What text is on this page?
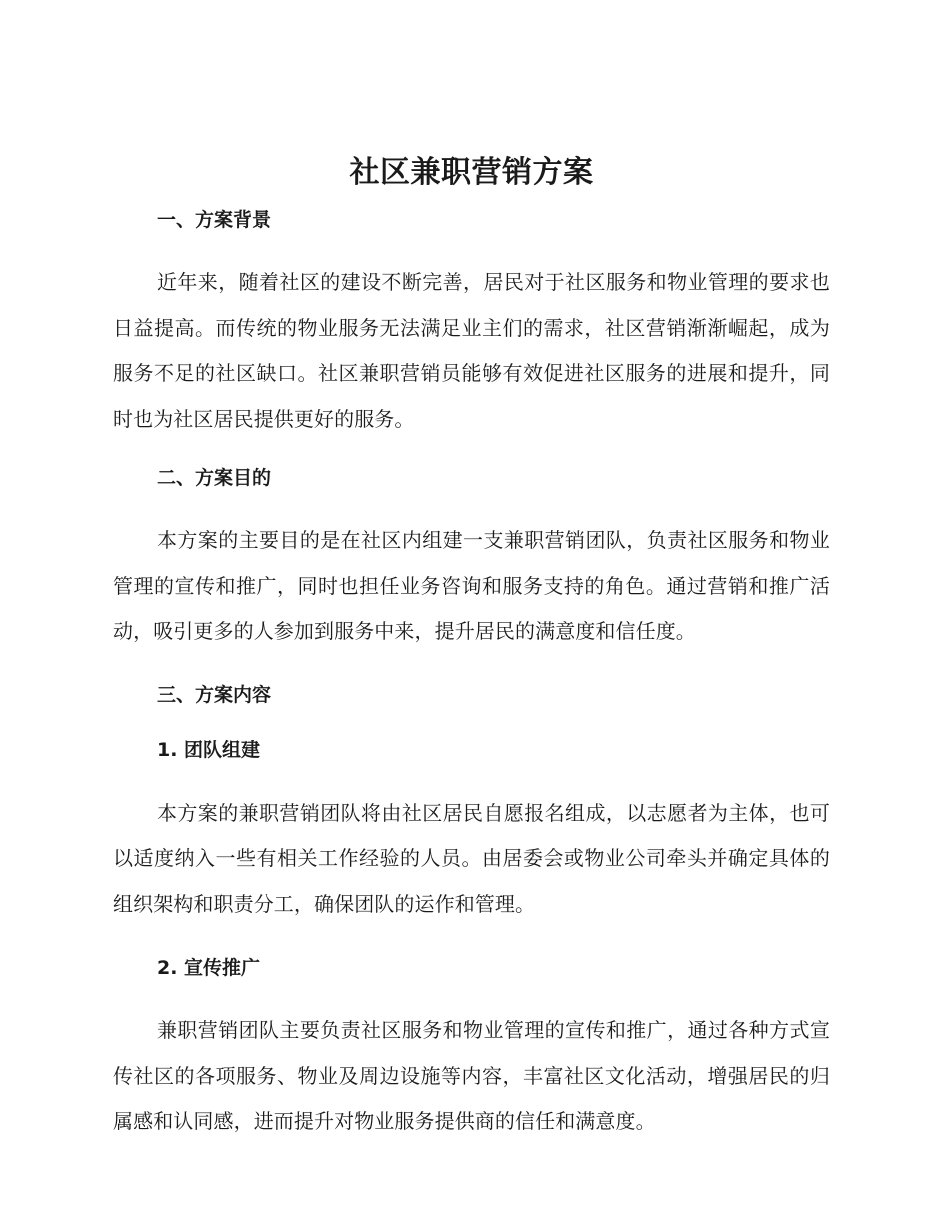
社区兼职营销方案
一、方案背景

近年来，随着社区的建设不断完善，居民对于社区服务和物业管理的要求也日益提高。而传统的物业服务无法满足业主们的需求，社区营销渐渐崛起，成为服务不足的社区缺口。社区兼职营销员能够有效促进社区服务的进展和提升，同时也为社区居民提供更好的服务。

二、方案目的

本方案的主要目的是在社区内组建一支兼职营销团队，负责社区服务和物业管理的宣传和推广，同时也担任业务咨询和服务支持的角色。通过营销和推广活动，吸引更多的人参加到服务中来，提升居民的满意度和信任度。

三、方案内容
1. 团队组建

本方案的兼职营销团队将由社区居民自愿报名组成，以志愿者为主体，也可以适度纳入一些有相关工作经验的人员。由居委会或物业公司牵头并确定具体的组织架构和职责分工，确保团队的运作和管理。

2. 宣传推广

兼职营销团队主要负责社区服务和物业管理的宣传和推广，通过各种方式宣传社区的各项服务、物业及周边设施等内容，丰富社区文化活动，增强居民的归属感和认同感，进而提升对物业服务提供商的信任和满意度。
